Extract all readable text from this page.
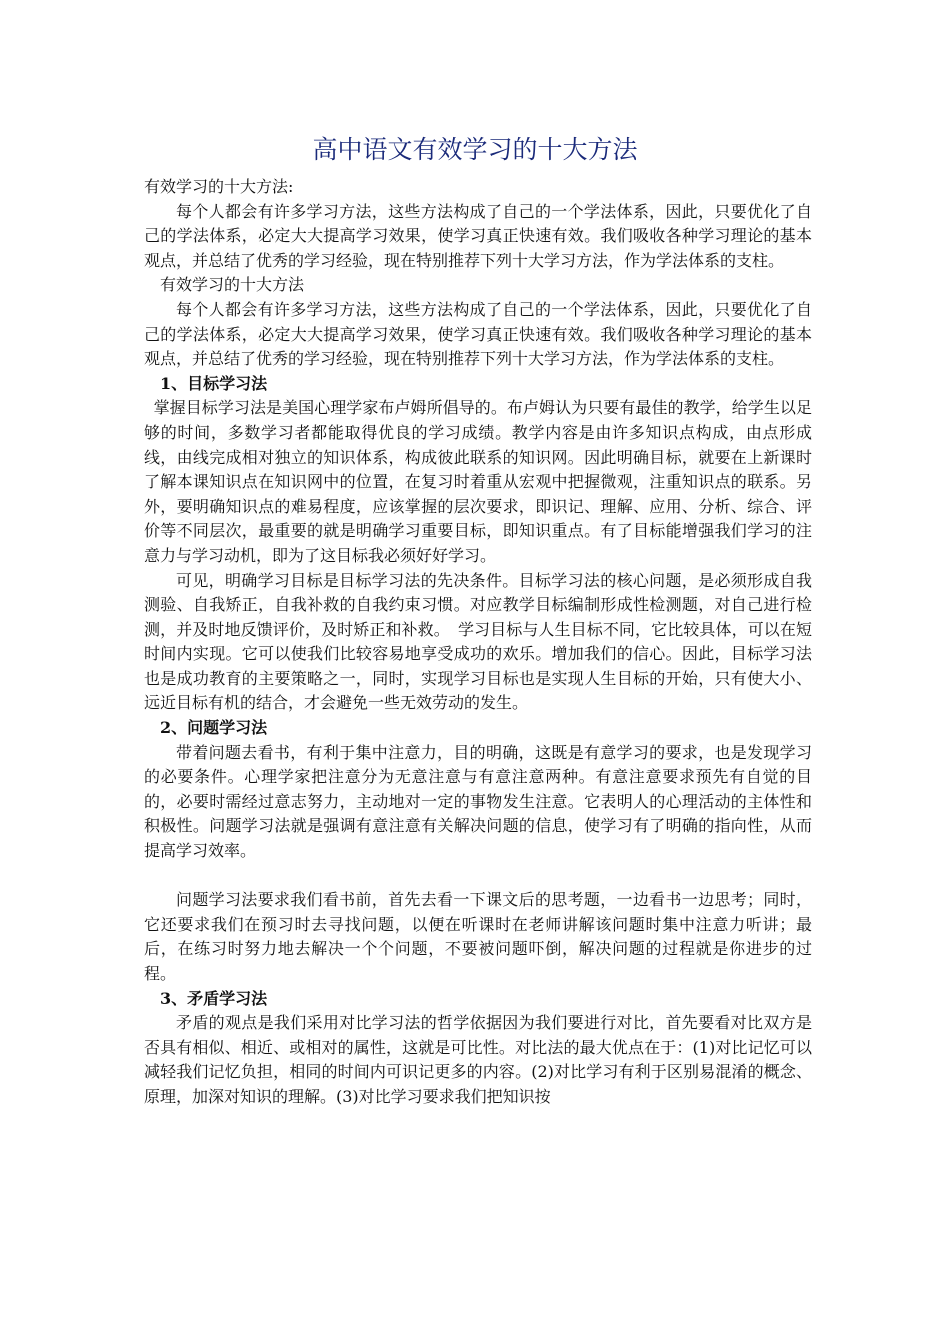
高中语文有效学习的十大方法

有效学习的十大方法:

每个人都会有许多学习方法，这些方法构成了自己的一个学法体系，因此，只要优化了自己的学法体系，必定大大提高学习效果，使学习真正快速有效。我们吸收各种学习理论的基本观点，并总结了优秀的学习经验，现在特别推荐下列十大学习方法，作为学法体系的支柱。

有效学习的十大方法

每个人都会有许多学习方法，这些方法构成了自己的一个学法体系，因此，只要优化了自己的学法体系，必定大大提高学习效果，使学习真正快速有效。我们吸收各种学习理论的基本观点，并总结了优秀的学习经验，现在特别推荐下列十大学习方法，作为学法体系的支柱。

1、目标学习法

掌握目标学习法是美国心理学家布卢姆所倡导的。布卢姆认为只要有最佳的教学，给学生以足够的时间，多数学习者都能取得优良的学习成绩。教学内容是由许多知识点构成，由点形成线，由线完成相对独立的知识体系，构成彼此联系的知识网。因此明确目标，就要在上新课时了解本课知识点在知识网中的位置，在复习时着重从宏观中把握微观，注重知识点的联系。另外，要明确知识点的难易程度，应该掌握的层次要求，即识记、理解、应用、分析、综合、评价等不同层次，最重要的就是明确学习重要目标，即知识重点。有了目标能增强我们学习的注意力与学习动机，即为了这目标我必须好好学习。

可见，明确学习目标是目标学习法的先决条件。目标学习法的核心问题，是必须形成自我测验、自我矫正，自我补救的自我约束习惯。对应教学目标编制形成性检测题，对自己进行检测，并及时地反馈评价，及时矫正和补救。　学习目标与人生目标不同，它比较具体，可以在短时间内实现。它可以使我们比较容易地享受成功的欢乐。增加我们的信心。因此，目标学习法也是成功教育的主要策略之一，同时，实现学习目标也是实现人生目标的开始，只有使大小、远近目标有机的结合，才会避免一些无效劳动的发生。

2、问题学习法

带着问题去看书，有利于集中注意力，目的明确，这既是有意学习的要求，也是发现学习的必要条件。心理学家把注意分为无意注意与有意注意两种。有意注意要求预先有自觉的目的，必要时需经过意志努力，主动地对一定的事物发生注意。它表明人的心理活动的主体性和积极性。问题学习法就是强调有意注意有关解决问题的信息，使学习有了明确的指向性，从而提高学习效率。

问题学习法要求我们看书前，首先去看一下课文后的思考题，一边看书一边思考；同时，它还要求我们在预习时去寻找问题，以便在听课时在老师讲解该问题时集中注意力听讲；最后，在练习时努力地去解决一个个问题，不要被问题吓倒，解决问题的过程就是你进步的过程。

3、矛盾学习法

矛盾的观点是我们采用对比学习法的哲学依据因为我们要进行对比，首先要看对比双方是否具有相似、相近、或相对的属性，这就是可比性。对比法的最大优点在于：(1)对比记忆可以减轻我们记忆负担，相同的时间内可识记更多的内容。(2)对比学习有利于区别易混淆的概念、原理，加深对知识的理解。(3)对比学习要求我们把知识按
